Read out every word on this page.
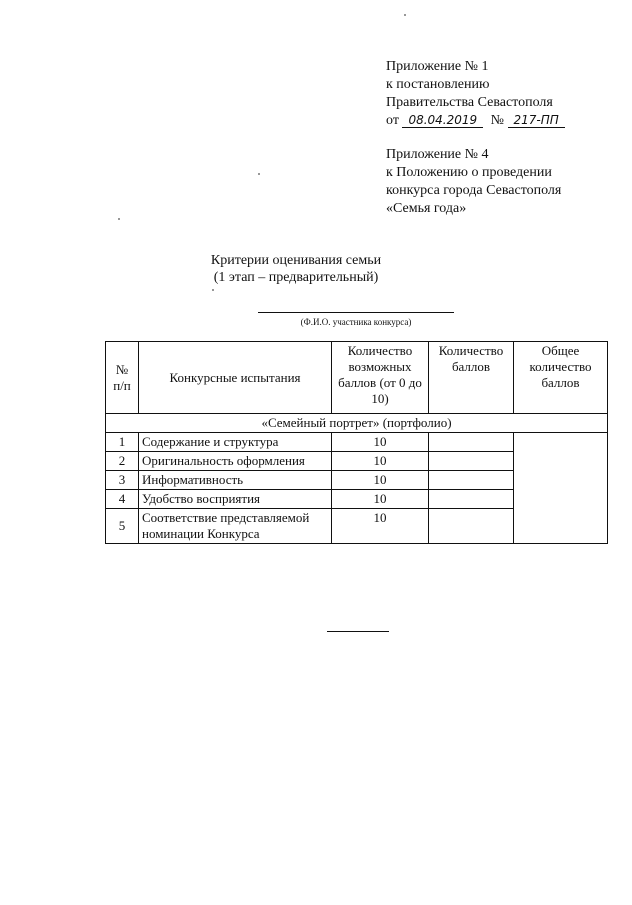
Приложение № 1
к постановлению
Правительства Севастополя
от 08.04.2019 № 217-ПП
Приложение № 4
к Положению о проведении
конкурса города Севастополя
«Семья года»
Критерии оценивания семьи
(1 этап – предварительный)
(Ф.И.О. участника конкурса)
№ п/п	Конкурсные испытания	Количество возможных баллов (от 0 до 10)	Количество баллов	Общее количество баллов
«Семейный портрет» (портфолио)				
1	Содержание и структура	10		
2	Оригинальность оформления	10		
3	Информативность	10		
4	Удобство восприятия	10		
5	Соответствие представляемой номинации Конкурса	10		
